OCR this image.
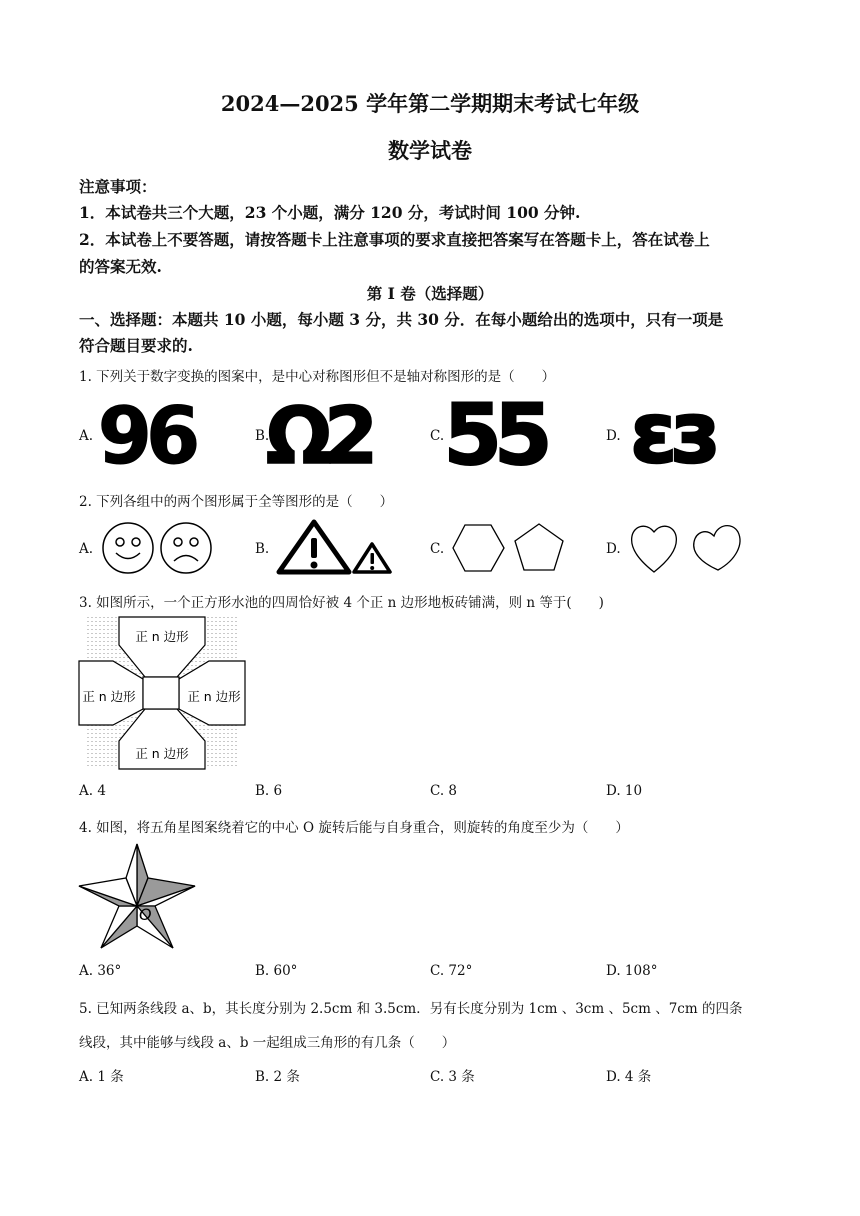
2024—2025 学年第二学期期末考试七年级
数学试卷
注意事项：
1．本试卷共三个大题，23 个小题，满分 120 分，考试时间 100 分钟.
2．本试卷上不要答题，请按答题卡上注意事项的要求直接把答案写在答题卡上，答在试卷上
的答案无效.
第 I 卷（选择题）
一、选择题：本题共 10 小题，每小题 3 分，共 30 分．在每小题给出的选项中，只有一项是
符合题目要求的.
1. 下列关于数字变换的图案中，是中心对称图形但不是轴对称图形的是（　　）
A. 96	B.
Ω2	C. 55	D. εз
2. 下列各组中的两个图形属于全等图形的是（　　）
A.	B.	C.	D.
3. 如图所示，一个正方形水池的四周恰好被 4 个正 n 边形地板砖铺满，则 n 等于(　　)
正 n 边形
正 n 边形	正 n 边形
正 n 边形
A. 4	B. 6	C. 8	D. 10
4. 如图，将五角星图案绕着它的中心 O 旋转后能与自身重合，则旋转的角度至少为（　　）
O
A. 36°	B. 60°	C. 72°	D. 108°
5. 已知两条线段 a、b，其长度分别为 2.5cm 和 3.5cm．另有长度分别为 1cm 、3cm 、5cm 、7cm 的四条
线段，其中能够与线段 a、b 一起组成三角形的有几条（　　）
A. 1 条	B. 2 条	C. 3 条	D. 4 条
